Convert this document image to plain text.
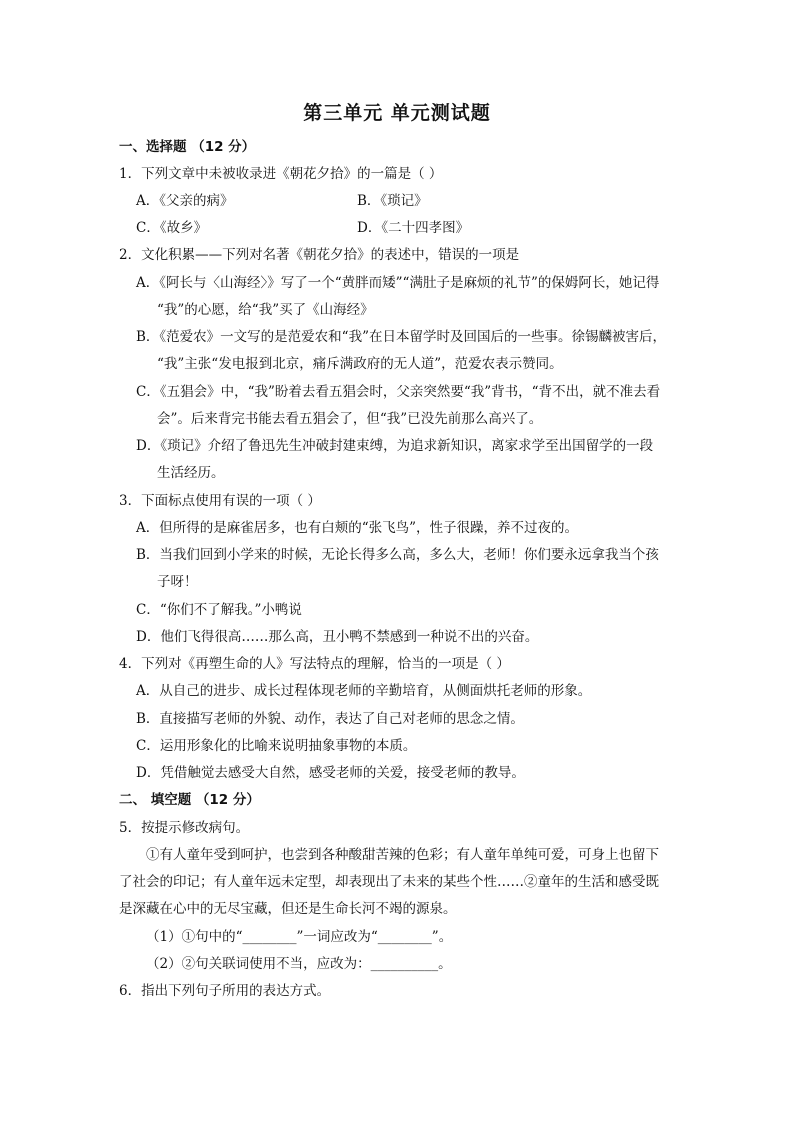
第三单元 单元测试题
一、选择题 （12 分）
1．下列文章中未被收录进《朝花夕拾》的一篇是（ ）
A．《父亲的病》	B．《琐记》
C．《故乡》	D．《二十四孝图》
2．文化积累——下列对名著《朝花夕拾》的表述中，错误的一项是
A．《阿长与〈山海经〉》写了一个“黄胖而矮”“满肚子是麻烦的礼节”的保姆阿长，她记得
“我”的心愿，给“我”买了《山海经》
B．《范爱农》一文写的是范爱农和“我”在日本留学时及回国后的一些事。徐锡麟被害后，
“我”主张“发电报到北京，痛斥满政府的无人道”，范爱农表示赞同。
C．《五猖会》中，“我”盼着去看五猖会时，父亲突然要“我”背书，“背不出，就不准去看
会”。后来背完书能去看五猖会了，但“我”已没先前那么高兴了。
D．《琐记》介绍了鲁迅先生冲破封建束缚，为追求新知识，离家求学至出国留学的一段
生活经历。
3．下面标点使用有误的一项（ ）
A．但所得的是麻雀居多，也有白颊的“张飞鸟”，性子很躁，养不过夜的。
B．当我们回到小学来的时候，无论长得多么高，多么大，老师！你们要永远拿我当个孩
子呀！
C．“你们不了解我。”小鸭说
D．他们飞得很高……那么高，丑小鸭不禁感到一种说不出的兴奋。
4．下列对《再塑生命的人》写法特点的理解，恰当的一项是（ ）
A．从自己的进步、成长过程体现老师的辛勤培育，从侧面烘托老师的形象。
B．直接描写老师的外貌、动作，表达了自己对老师的思念之情。
C．运用形象化的比喻来说明抽象事物的本质。
D．凭借触觉去感受大自然，感受老师的关爱，接受老师的教导。
二、 填空题 （12 分）
5．按提示修改病句。
①有人童年受到呵护，也尝到各种酸甜苦辣的色彩；有人童年单纯可爱，可身上也留下
了社会的印记；有人童年远未定型，却表现出了未来的某些个性……②童年的生活和感受既
是深藏在心中的无尽宝藏，但还是生命长河不竭的源泉。
（1）①句中的“________”一词应改为“________”。
（2）②句关联词使用不当，应改为：__________。
6．指出下列句子所用的表达方式。
